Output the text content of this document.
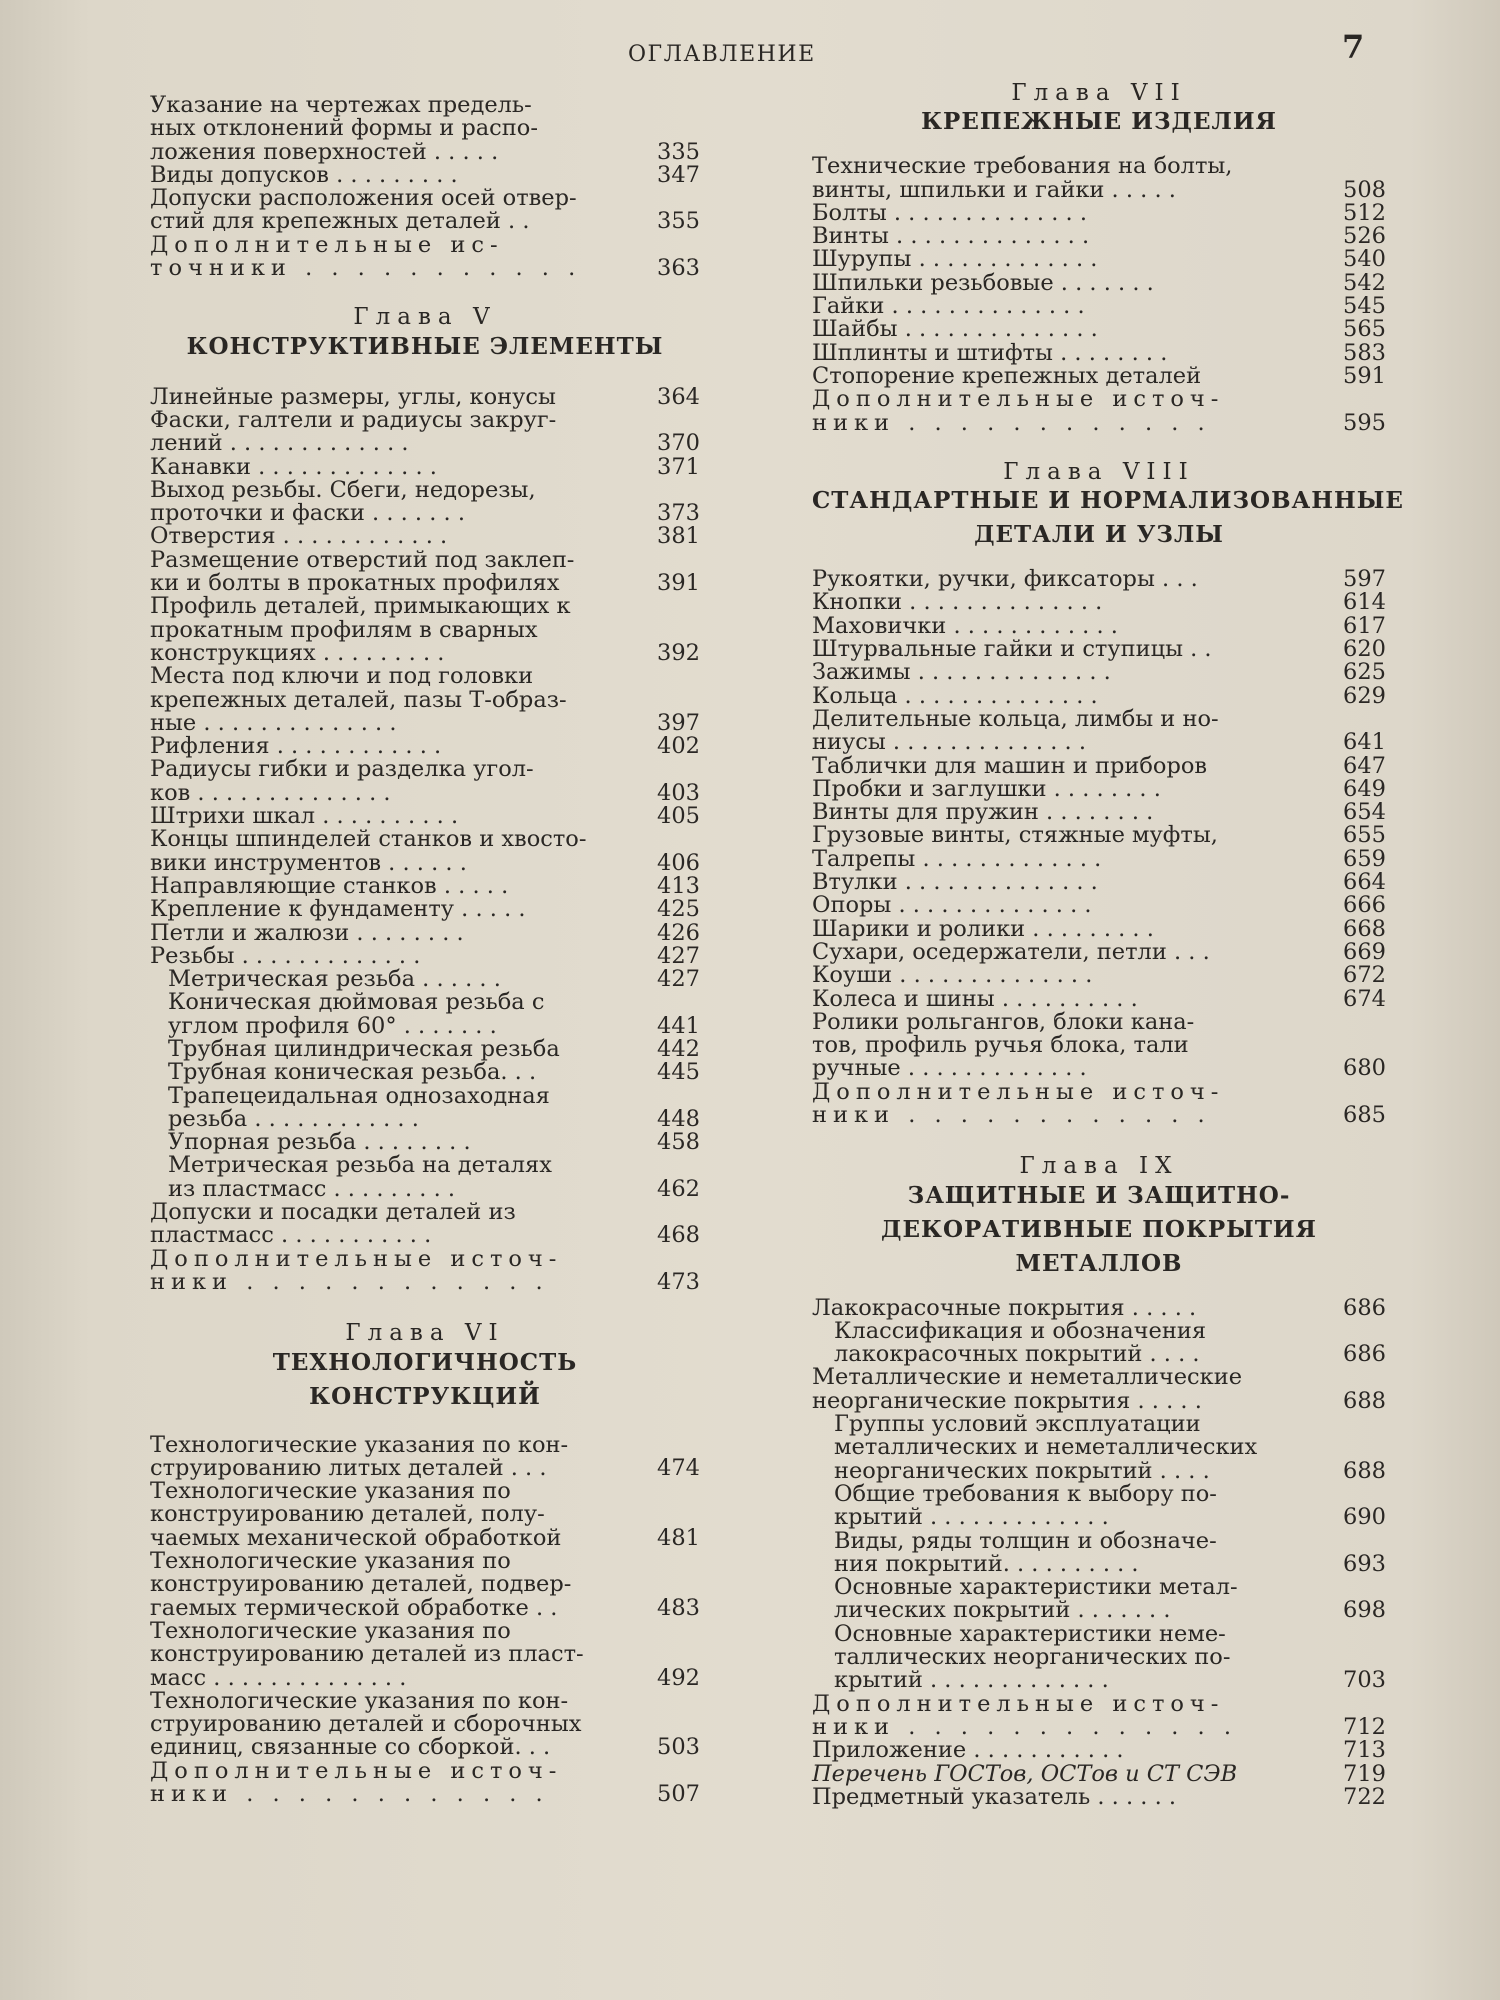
ОГЛАВЛЕНИЕ	7
Указание на чертежах предель-
ных отклонений формы и распо-
ложения поверхностей . . . . .	335
Виды допусков . . . . . . . . .	347
Допуски расположения осей отвер-
стий для крепежных деталей . .	355
Дополнительные ис-
точники . . . . . . . . . . .	363
Глава V
КОНСТРУКТИВНЫЕ ЭЛЕМЕНТЫ
Линейные размеры, углы, конусы	364
Фаски, галтели и радиусы закруг-
лений . . . . . . . . . . . . .	370
Канавки . . . . . . . . . . . . .	371
Выход резьбы. Сбеги, недорезы,
проточки и фаски . . . . . . .	373
Отверстия . . . . . . . . . . . .	381
Размещение отверстий под заклеп-
ки и болты в прокатных профилях	391
Профиль деталей, примыкающих к
прокатным профилям в сварных
конструкциях . . . . . . . . .	392
Места под ключи и под головки
крепежных деталей, пазы Т-образ-
ные . . . . . . . . . . . . . .	397
Рифления . . . . . . . . . . . .	402
Радиусы гибки и разделка угол-
ков . . . . . . . . . . . . . .	403
Штрихи шкал . . . . . . . . . .	405
Концы шпинделей станков и хвосто-
вики инструментов . . . . . .	406
Направляющие станков . . . . .	413
Крепление к фундаменту . . . . .	425
Петли и жалюзи . . . . . . . .	426
Резьбы . . . . . . . . . . . . .	427
Метрическая резьба . . . . . .	427
Коническая дюймовая резьба с
углом профиля 60° . . . . . . .	441
Трубная цилиндрическая резьба	442
Трубная коническая резьба. . .	445
Трапецеидальная однозаходная
резьба . . . . . . . . . . . .	448
Упорная резьба . . . . . . . .	458
Метрическая резьба на деталях
из пластмасс . . . . . . . . .	462
Допуски и посадки деталей из
пластмасс . . . . . . . . . . .	468
Дополнительные источ-
ники . . . . . . . . . . . .	473
Глава VI
ТЕХНОЛОГИЧНОСТЬ
КОНСТРУКЦИЙ
Технологические указания по кон-
струированию литых деталей . . .	474
Технологические указания по
конструированию деталей, полу-
чаемых механической обработкой	481
Технологические указания по
конструированию деталей, подвер-
гаемых термической обработке . .	483
Технологические указания по
конструированию деталей из пласт-
масс . . . . . . . . . . . . . .	492
Технологические указания по кон-
струированию деталей и сборочных
единиц, связанные со сборкой. . .	503
Дополнительные источ-
ники . . . . . . . . . . . .	507
Глава VII
КРЕПЕЖНЫЕ ИЗДЕЛИЯ
Технические требования на болты,
винты, шпильки и гайки . . . . .	508
Болты . . . . . . . . . . . . . .	512
Винты . . . . . . . . . . . . . .	526
Шурупы . . . . . . . . . . . . .	540
Шпильки резьбовые . . . . . . .	542
Гайки . . . . . . . . . . . . . .	545
Шайбы . . . . . . . . . . . . . .	565
Шплинты и штифты . . . . . . . .	583
Стопорение крепежных деталей	591
Дополнительные источ-
ники . . . . . . . . . . . .	595
Глава VIII
СТАНДАРТНЫЕ И НОРМАЛИЗОВАННЫЕ
ДЕТАЛИ И УЗЛЫ
Рукоятки, ручки, фиксаторы . . .	597
Кнопки . . . . . . . . . . . . . .	614
Маховички . . . . . . . . . . . .	617
Штурвальные гайки и ступицы . .	620
Зажимы . . . . . . . . . . . . . .	625
Кольца . . . . . . . . . . . . . .	629
Делительные кольца, лимбы и но-
ниусы . . . . . . . . . . . . . .	641
Таблички для машин и приборов	647
Пробки и заглушки . . . . . . . .	649
Винты для пружин . . . . . . . .	654
Грузовые винты, стяжные муфты,	655
Талрепы . . . . . . . . . . . . .	659
Втулки . . . . . . . . . . . . . .	664
Опоры . . . . . . . . . . . . . .	666
Шарики и ролики . . . . . . . . .	668
Сухари, оседержатели, петли . . .	669
Коуши . . . . . . . . . . . . . .	672
Колеса и шины . . . . . . . . . .	674
Ролики рольгангов, блоки кана-
тов, профиль ручья блока, тали
ручные . . . . . . . . . . . . .	680
Дополнительные источ-
ники . . . . . . . . . . . .	685
Глава IX
ЗАЩИТНЫЕ И ЗАЩИТНО-
ДЕКОРАТИВНЫЕ ПОКРЫТИЯ
МЕТАЛЛОВ
Лакокрасочные покрытия . . . . .	686
Классификация и обозначения
лакокрасочных покрытий . . . .	686
Металлические и неметаллические
неорганические покрытия . . . . .	688
Группы условий эксплуатации
металлических и неметаллических
неорганических покрытий . . . .	688
Общие требования к выбору по-
крытий . . . . . . . . . . . . .	690
Виды, ряды толщин и обозначе-
ния покрытий. . . . . . . . . .	693
Основные характеристики метал-
лических покрытий . . . . . . .	698
Основные характеристики неме-
таллических неорганических по-
крытий . . . . . . . . . . . . .	703
Дополнительные источ-
ники . . . . . . . . . . . . .	712
Приложение . . . . . . . . . . .	713
Перечень ГОСТов, ОСТов и СТ СЭВ	719
Предметный указатель . . . . . .	722
